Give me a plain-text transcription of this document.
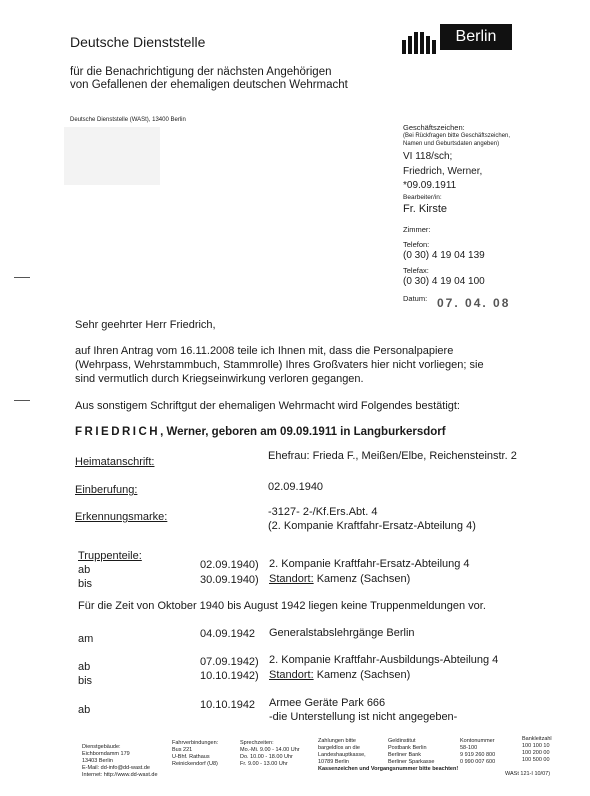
Deutsche Dienststelle
für die Benachrichtigung der nächsten Angehörigen
von Gefallenen der ehemaligen deutschen Wehrmacht
Deutsche Dienststelle (WASt), 13400 Berlin
Berlin
Geschäftszeichen:
(Bei Rückfragen bitte Geschäftszeichen,
Namen und Geburtsdaten angeben)
VI 118/sch;
Friedrich, Werner,
*09.09.1911
Bearbeiter/in:
Fr. Kirste
Zimmer:
Telefon:
(0 30) 4 19 04 139
Telefax:
(0 30) 4 19 04 100
Datum: 07. 04. 08
Sehr geehrter Herr Friedrich,
auf Ihren Antrag vom 16.11.2008 teile ich Ihnen mit, dass die Personalpapiere
(Wehrpass, Wehrstammbuch, Stammrolle) Ihres Großvaters hier nicht vorliegen; sie
sind vermutlich durch Kriegseinwirkung verloren gegangen.
Aus sonstigem Schriftgut der ehemaligen Wehrmacht wird Folgendes bestätigt:
FRIEDRICH, Werner, geboren am 09.09.1911 in Langburkersdorf
Heimatanschrift:	Ehefrau: Frieda F., Meißen/Elbe, Reichensteinstr. 2
Einberufung:	02.09.1940
Erkennungsmarke:	-3127- 2-/Kf.Ers.Abt. 4
(2. Kompanie Kraftfahr-Ersatz-Abteilung 4)
Truppenteile:
ab	02.09.1940) 2. Kompanie Kraftfahr-Ersatz-Abteilung 4
bis	30.09.1940) Standort: Kamenz (Sachsen)
Für die Zeit von Oktober 1940 bis August 1942 liegen keine Truppenmeldungen vor.
am	04.09.1942 Generalstabslehrgänge Berlin
ab	07.09.1942) 2. Kompanie Kraftfahr-Ausbildungs-Abteilung 4
bis	10.10.1942) Standort: Kamenz (Sachsen)
ab	10.10.1942 Armee Geräte Park 666
-die Unterstellung ist nicht angegeben-
Dienstgebäude:
Eichborndamm 179
13403 Berlin
E-Mail: dd-info@dd-wast.de
Internet: http://www.dd-wast.de
Fahrverbindungen:
Bus 221
U-Bhf. Rathaus
Reinickendorf (U8)
Sprechzeiten:
Mo.-Mi. 9.00 - 14.00 Uhr
Do. 10.00 - 18.00 Uhr
Fr. 9.00 - 13.00 Uhr
Zahlungen bitte
bargeldlos an die
Landeshauptkasse,
10789 Berlin
Geldinstitut
Postbank Berlin
Berliner Bank
Berliner Sparkasse
Kontonummer
58-100
9 919 260 800
0 990 007 600
Bankleitzahl
100 100 10
100 200 00
100 500 00
Kassenzeichen und Vorgangsnummer bitte beachten!
WASt 121-I 10/07)
